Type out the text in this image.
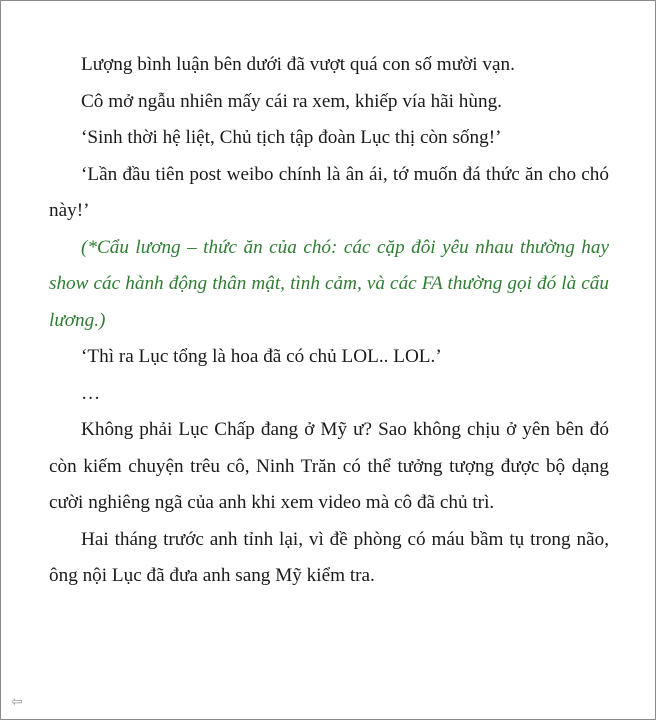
Lượng bình luận bên dưới đã vượt quá con số mười vạn.

Cô mở ngẫu nhiên mấy cái ra xem, khiếp vía hãi hùng.

‘Sinh thời hệ liệt, Chủ tịch tập đoàn Lục thị còn sống!’

‘Lần đầu tiên post weibo chính là ân ái, tớ muốn đá thức ăn cho chó này!’

(*Cẩu lương – thức ăn của chó: các cặp đôi yêu nhau thường hay show các hành động thân mật, tình cảm, và các FA thường gọi đó là cẩu lương.)

‘Thì ra Lục tổng là hoa đã có chủ LOL.. LOL.’

…

Không phải Lục Chấp đang ở Mỹ ư? Sao không chịu ở yên bên đó còn kiếm chuyện trêu cô, Ninh Trăn có thể tưởng tượng được bộ dạng cười nghiêng ngã của anh khi xem video mà cô đã chủ trì.

Hai tháng trước anh tỉnh lại, vì đề phòng có máu bầm tụ trong não, ông nội Lục đã đưa anh sang Mỹ kiểm tra.

⇦
